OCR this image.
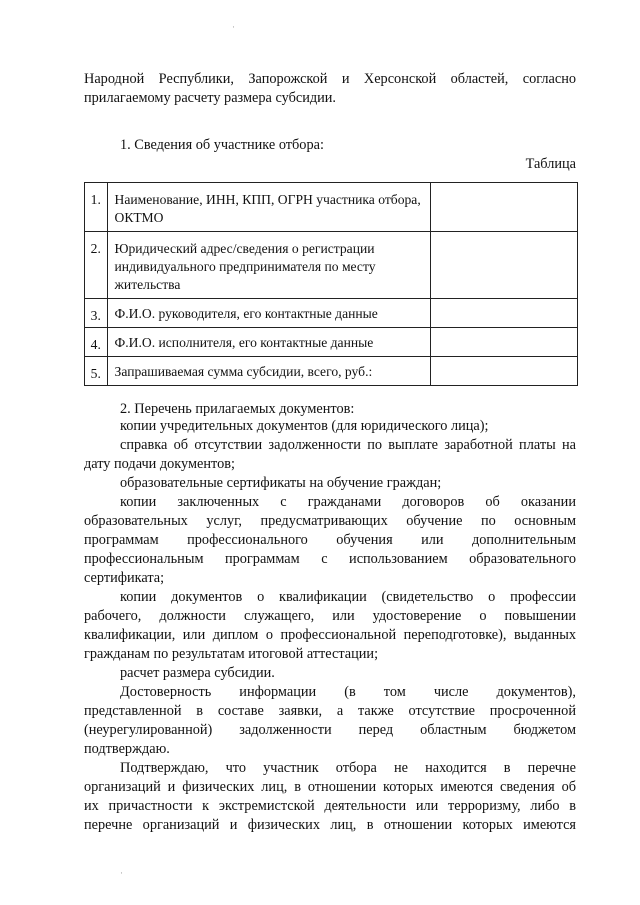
Народной Республики, Запорожской и Херсонской областей, согласно
прилагаемому расчету размера субсидии.
1. Сведения об участнике отбора:
Таблица
1.	Наименование, ИНН, КПП, ОГРН участника отбора, ОКТМО	
2.	Юридический адрес/сведения о регистрации индивидуального предпринимателя по месту жительства	
3.	Ф.И.О. руководителя, его контактные данные	
4.	Ф.И.О. исполнителя, его контактные данные	
5.	Запрашиваемая сумма субсидии, всего, руб.:	
2. Перечень прилагаемых документов:
копии учредительных документов (для юридического лица);
справка об отсутствии задолженности по выплате заработной платы на
дату подачи документов;
образовательные сертификаты на обучение граждан;
копии заключенных с гражданами договоров об оказании
образовательных услуг, предусматривающих обучение по основным
программам профессионального обучения или дополнительным
профессиональным программам с использованием образовательного
сертификата;
копии документов о квалификации (свидетельство о профессии
рабочего, должности служащего, или удостоверение о повышении
квалификации, или диплом о профессиональной переподготовке), выданных
гражданам по результатам итоговой аттестации;
расчет размера субсидии.
Достоверность информации (в том числе документов),
представленной в составе заявки, а также отсутствие просроченной
(неурегулированной) задолженности перед областным бюджетом
подтверждаю.
Подтверждаю, что участник отбора не находится в перечне
организаций и физических лиц, в отношении которых имеются сведения об
их причастности к экстремистской деятельности или терроризму, либо в
перечне организаций и физических лиц, в отношении которых имеются
·
·
